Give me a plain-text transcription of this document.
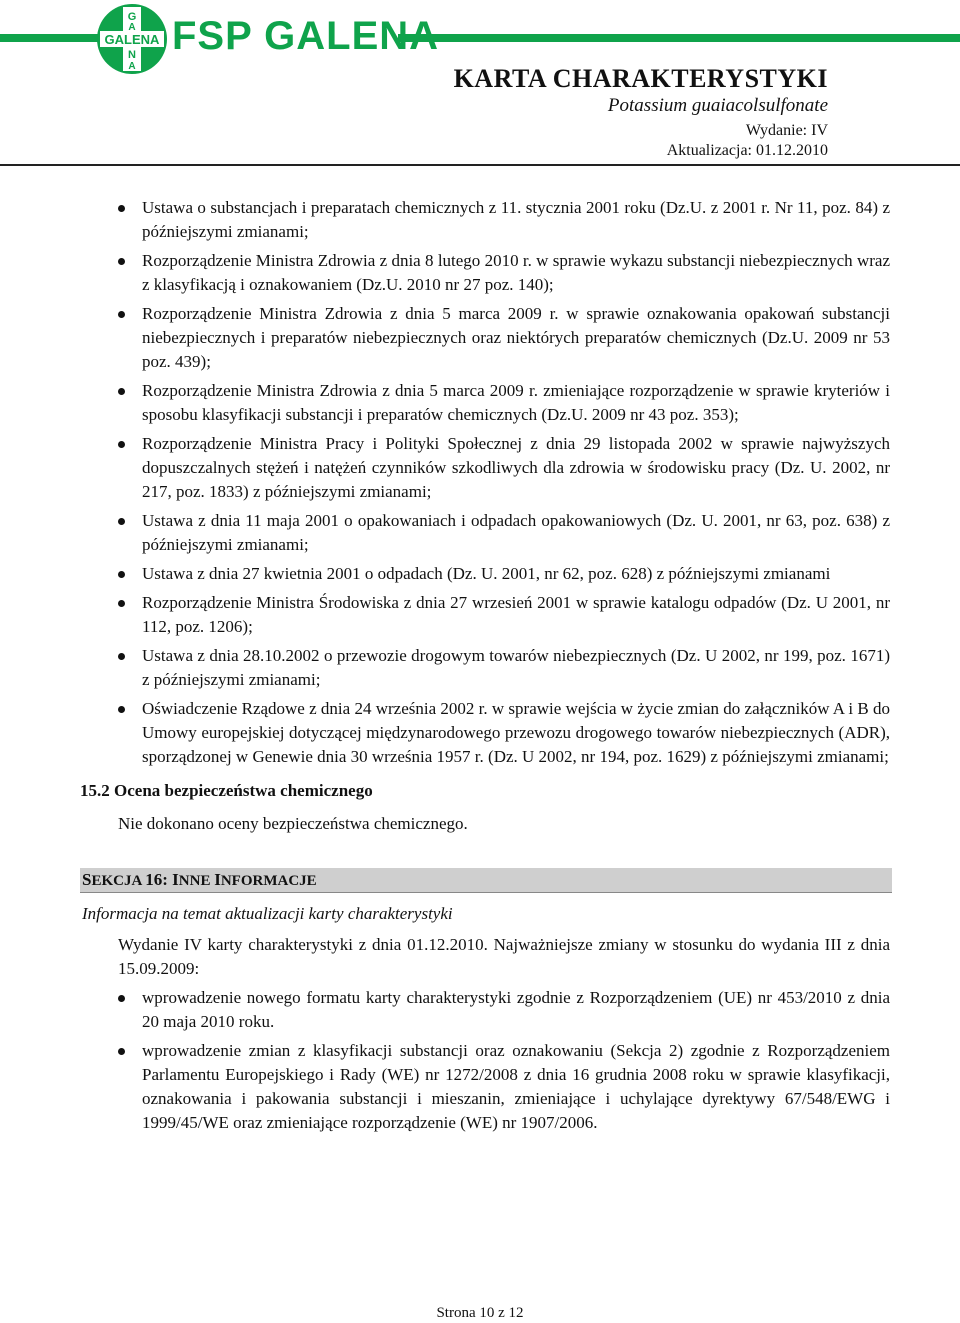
GALENA
G
A
N
A
FSP GALENA
KARTA CHARAKTERYSTYKI
Potassium guaiacolsulfonate
Wydanie: IV
Aktualizacja: 01.12.2010
Ustawa o substancjach i preparatach chemicznych z 11. stycznia 2001 roku (Dz.U. z 2001 r. Nr 11, poz. 84) z późniejszymi zmianami;
Rozporządzenie Ministra Zdrowia z dnia 8 lutego 2010 r. w sprawie wykazu substancji niebezpiecznych wraz z klasyfikacją i oznakowaniem (Dz.U. 2010 nr 27 poz. 140);
Rozporządzenie Ministra Zdrowia z dnia 5 marca 2009 r. w sprawie oznakowania opakowań substancji niebezpiecznych i preparatów niebezpiecznych oraz niektórych preparatów chemicznych (Dz.U. 2009 nr 53 poz. 439);
Rozporządzenie Ministra Zdrowia z dnia 5 marca 2009 r. zmieniające rozporządzenie w sprawie kryteriów i sposobu klasyfikacji substancji i preparatów chemicznych (Dz.U. 2009 nr 43 poz. 353);
Rozporządzenie Ministra Pracy i Polityki Społecznej z dnia 29 listopada 2002 w sprawie najwyższych dopuszczalnych stężeń i natężeń czynników szkodliwych dla zdrowia w środowisku pracy (Dz. U. 2002, nr 217, poz. 1833) z późniejszymi zmianami;
Ustawa z dnia 11 maja 2001 o opakowaniach i odpadach opakowaniowych (Dz. U. 2001, nr 63, poz. 638) z późniejszymi zmianami;
Ustawa z dnia 27 kwietnia 2001 o odpadach (Dz. U. 2001, nr 62, poz. 628) z późniejszymi zmianami
Rozporządzenie Ministra Środowiska z dnia 27 wrzesień 2001 w sprawie katalogu odpadów (Dz. U 2001, nr 112, poz. 1206);
Ustawa z dnia 28.10.2002 o przewozie drogowym towarów niebezpiecznych (Dz. U 2002, nr 199, poz. 1671) z późniejszymi zmianami;
Oświadczenie Rządowe z dnia 24 września 2002 r. w sprawie wejścia w życie zmian do załączników A i B do Umowy europejskiej dotyczącej międzynarodowego przewozu drogowego towarów niebezpiecznych (ADR), sporządzonej w Genewie dnia 30 września 1957 r. (Dz. U 2002, nr 194, poz. 1629) z późniejszymi zmianami;
15.2 Ocena bezpieczeństwa chemicznego
Nie dokonano oceny bezpieczeństwa chemicznego.
SEKCJA 16: INNE INFORMACJE
Informacja na temat aktualizacji karty charakterystyki
Wydanie IV karty charakterystyki z dnia 01.12.2010. Najważniejsze zmiany w stosunku do wydania III z dnia 15.09.2009:
wprowadzenie nowego formatu karty charakterystyki zgodnie z Rozporządzeniem (UE) nr 453/2010 z dnia 20 maja 2010 roku.
wprowadzenie zmian z klasyfikacji substancji oraz oznakowaniu (Sekcja 2) zgodnie z Rozporządzeniem Parlamentu Europejskiego i Rady (WE) nr 1272/2008 z dnia 16 grudnia 2008 roku w sprawie klasyfikacji, oznakowania i pakowania substancji i mieszanin, zmieniające i uchylające dyrektywy 67/548/EWG i 1999/45/WE oraz zmieniające rozporządzenie (WE) nr 1907/2006.
Strona 10 z 12
